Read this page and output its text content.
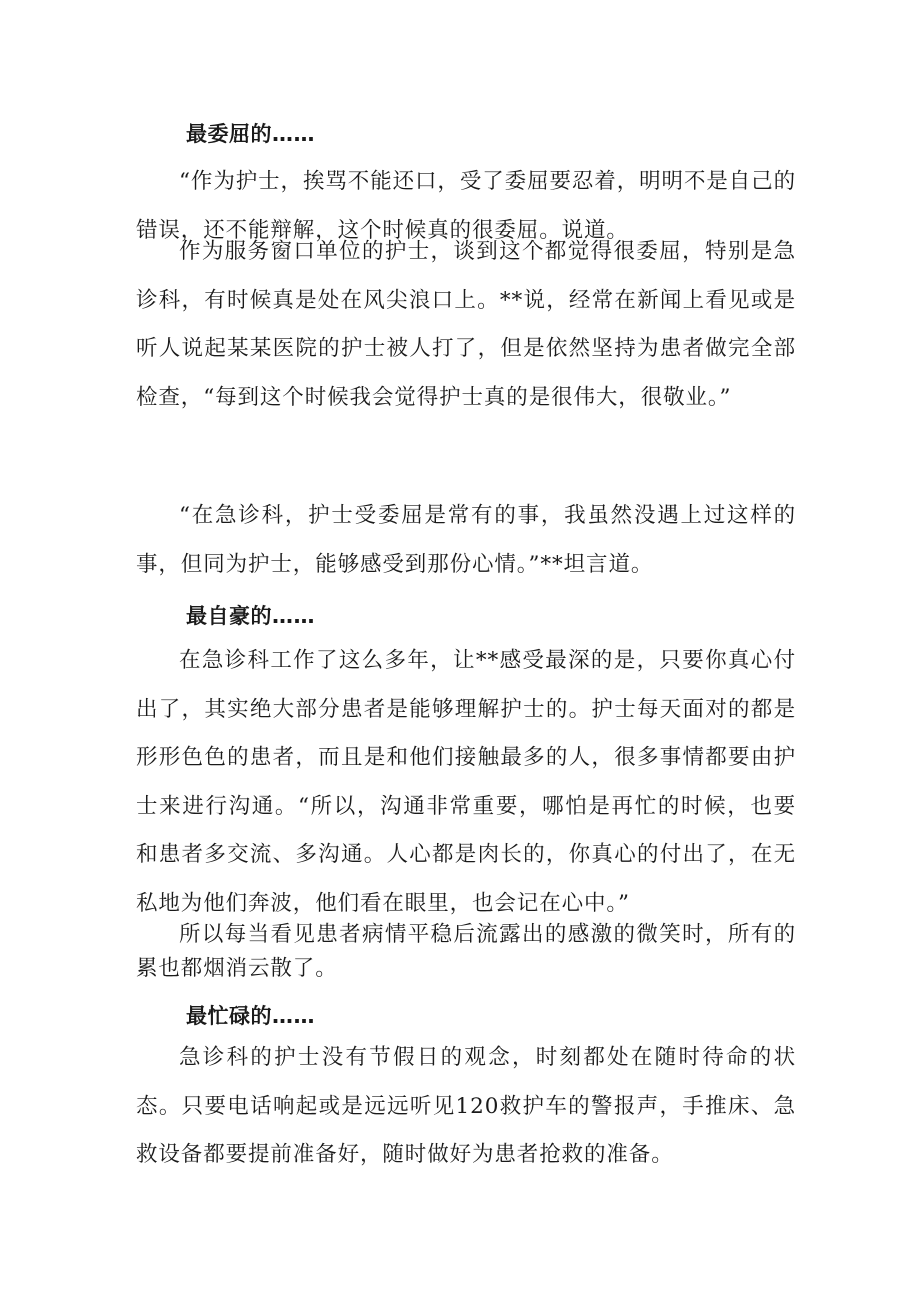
最委屈的……

“作为护士，挨骂不能还口，受了委屈要忍着，明明不是自己的错误，还不能辩解，这个时候真的很委屈。说道。

作为服务窗口单位的护士，谈到这个都觉得很委屈，特别是急诊科，有时候真是处在风尖浪口上。**说，经常在新闻上看见或是听人说起某某医院的护士被人打了，但是依然坚持为患者做完全部检查，“每到这个时候我会觉得护士真的是很伟大，很敬业。”

“在急诊科，护士受委屈是常有的事，我虽然没遇上过这样的事，但同为护士，能够感受到那份心情。”**坦言道。

最自豪的……

在急诊科工作了这么多年，让**感受最深的是，只要你真心付出了，其实绝大部分患者是能够理解护士的。护士每天面对的都是形形色色的患者，而且是和他们接触最多的人，很多事情都要由护士来进行沟通。“所以，沟通非常重要，哪怕是再忙的时候，也要和患者多交流、多沟通。人心都是肉长的，你真心的付出了，在无私地为他们奔波，他们看在眼里，也会记在心中。”

所以每当看见患者病情平稳后流露出的感激的微笑时，所有的累也都烟消云散了。

最忙碌的……

急诊科的护士没有节假日的观念，时刻都处在随时待命的状态。只要电话响起或是远远听见120救护车的警报声，手推床、急救设备都要提前准备好，随时做好为患者抢救的准备。
